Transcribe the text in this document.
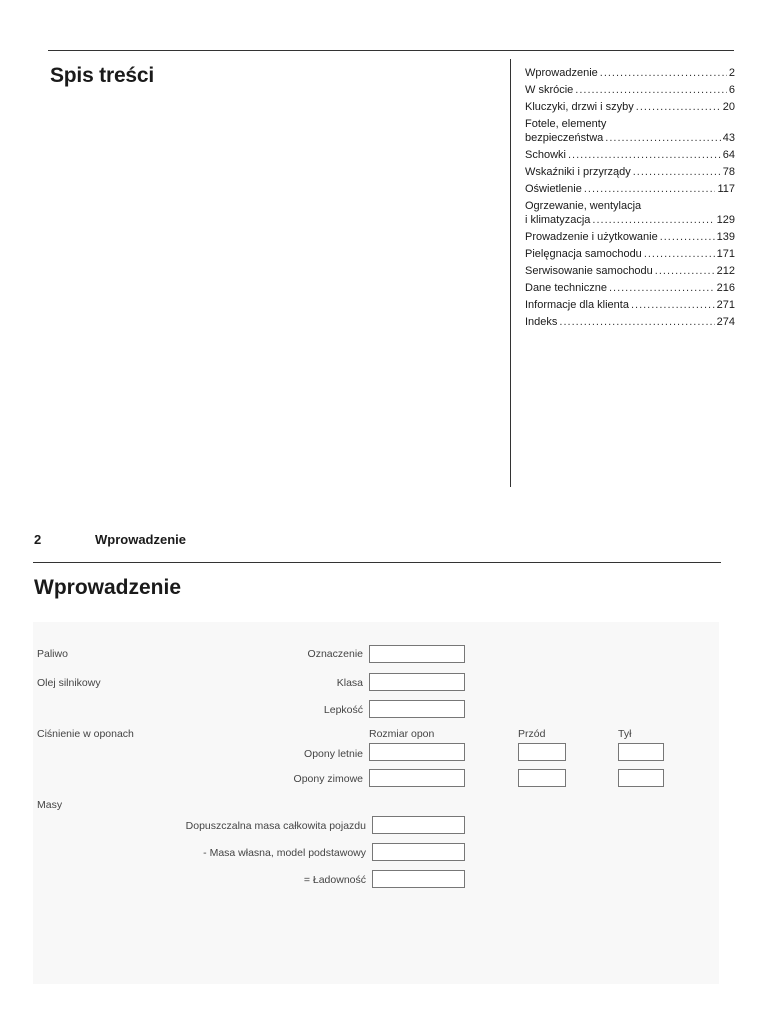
Spis treści	Wprowadzenie .....	2
W skrócie .....	6
Kluczyki, drzwi i szyby .....	20
Fotele, elementy
bezpieczeństwa .....	43
Schowki .....	64
Wskaźniki i przyrządy .....	78
Oświetlenie .....	117
Ogrzewanie, wentylacja
i klimatyzacja .....	129
Prowadzenie i użytkowanie .....	139
Pielęgnacja samochodu .....	171
Serwisowanie samochodu .....	212
Dane techniczne .....	216
Informacje dla klienta .....	271
Indeks .....	274
2	Wprowadzenie
Wprowadzenie
Paliwo	Oznaczenie
Olej silnikowy	Klasa
Lepkość
Ciśnienie w oponach	Rozmiar opon	Przód	Tył
Opony letnie
Opony zimowe
Masy
Dopuszczalna masa całkowita pojazdu
- Masa własna, model podstawowy
= Ładowność
